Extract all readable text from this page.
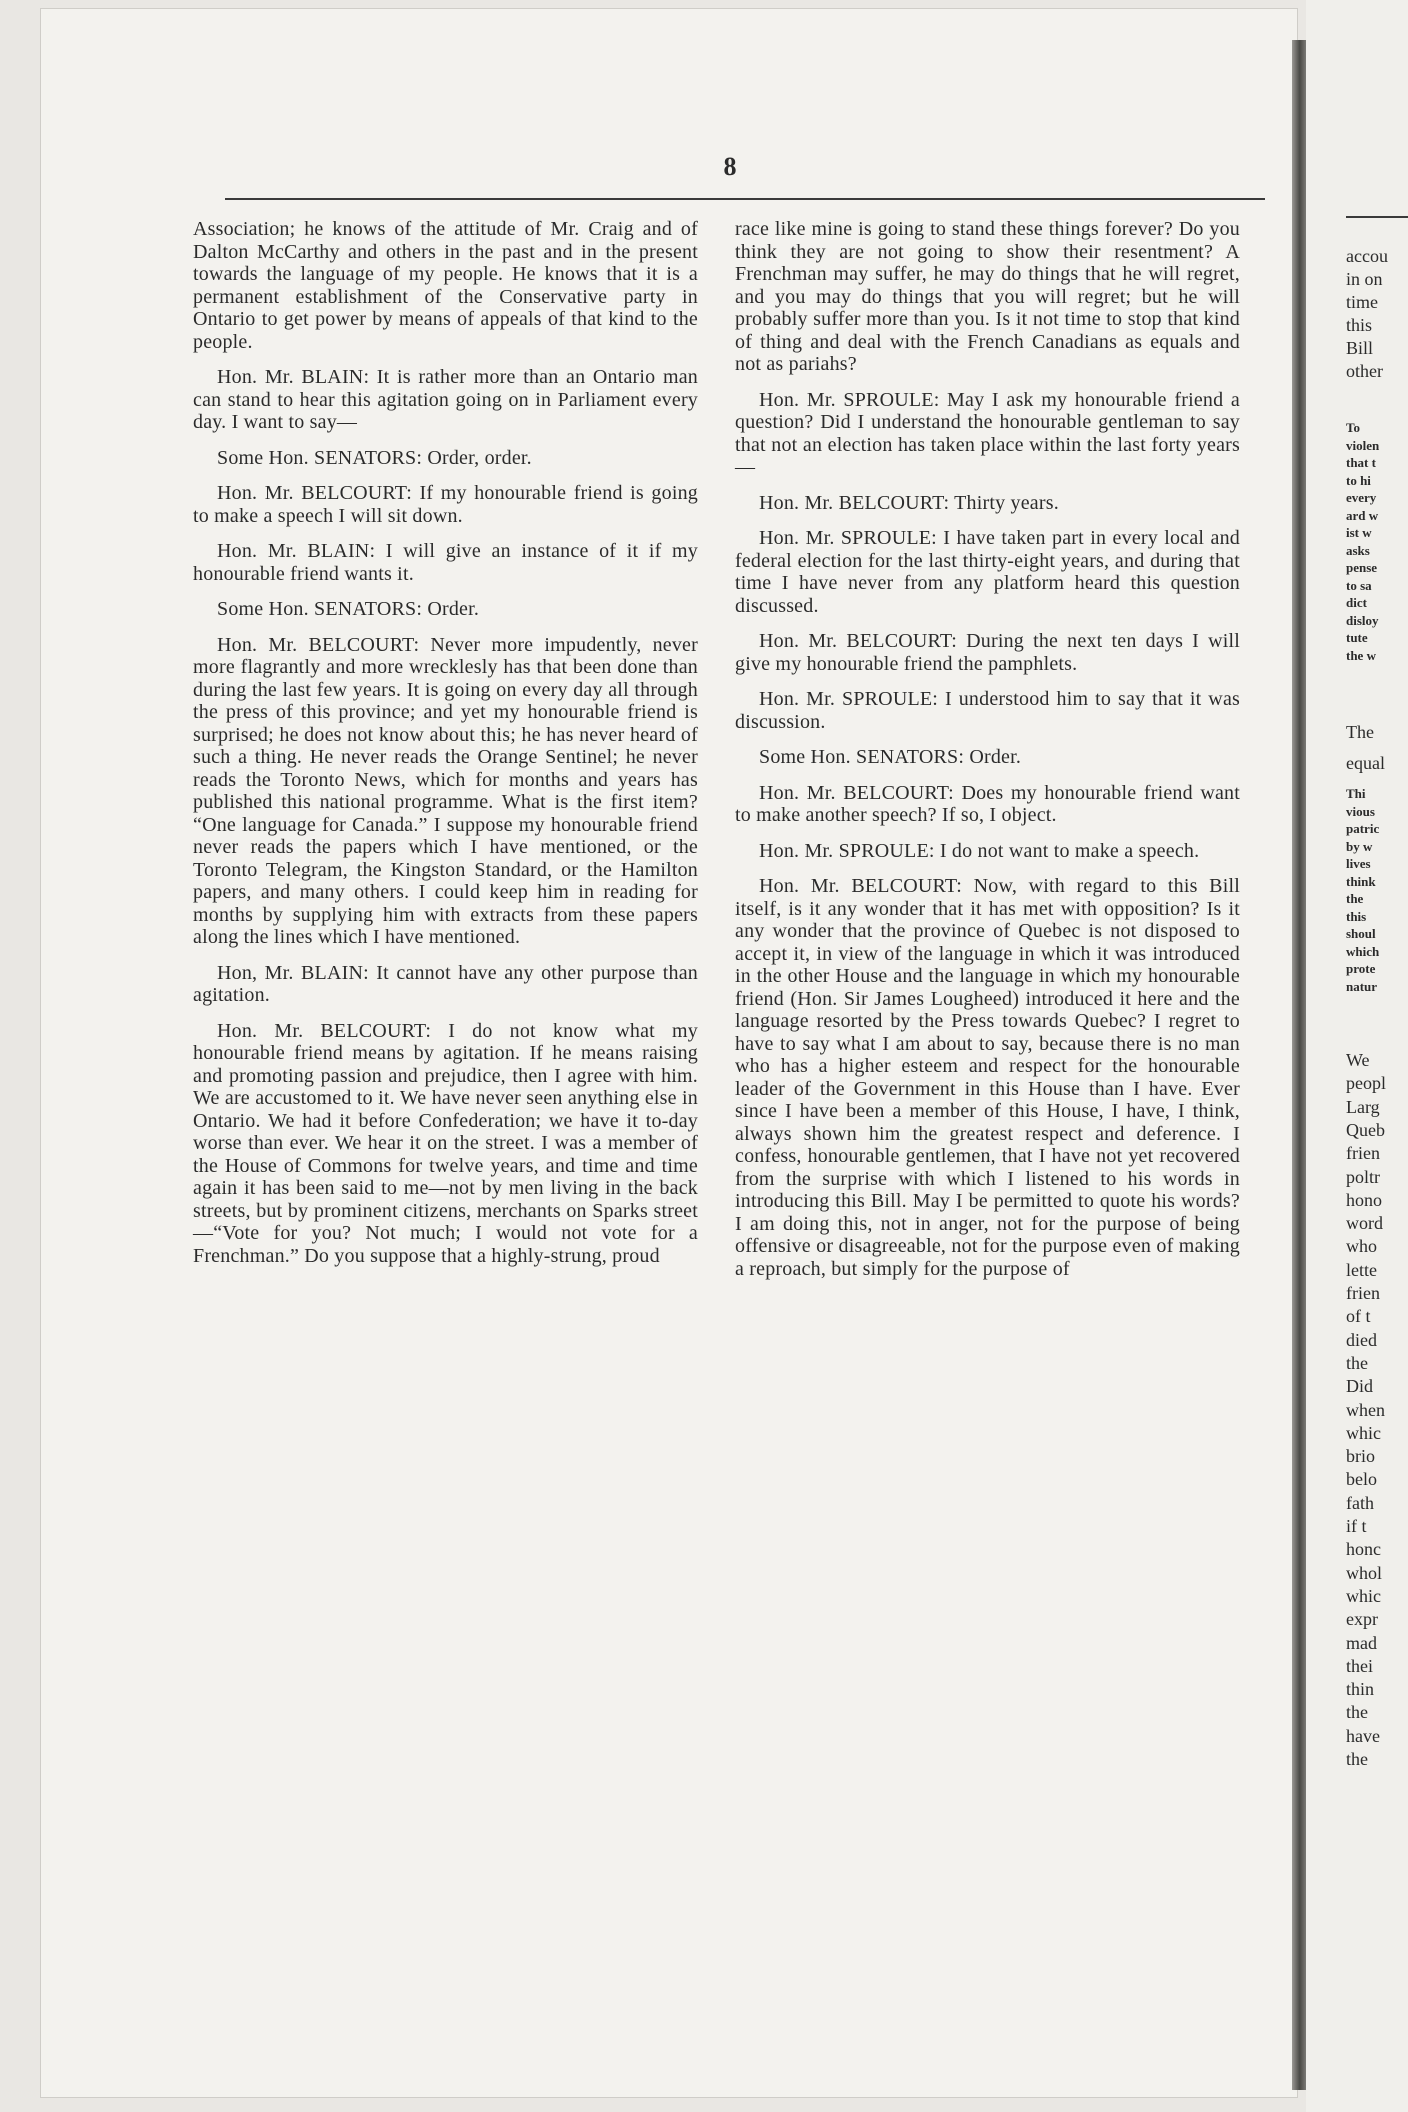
8

Association; he knows of the attitude of Mr. Craig and of Dalton McCarthy and others in the past and in the present towards the language of my people. He knows that it is a permanent establishment of the Conservative party in Ontario to get power by means of appeals of that kind to the people.

Hon. Mr. BLAIN: It is rather more than an Ontario man can stand to hear this agitation going on in Parliament every day. I want to say—

Some Hon. SENATORS: Order, order.

Hon. Mr. BELCOURT: If my honourable friend is going to make a speech I will sit down.

Hon. Mr. BLAIN: I will give an instance of it if my honourable friend wants it.

Some Hon. SENATORS: Order.

Hon. Mr. BELCOURT: Never more impudently, never more flagrantly and more wrecklesly has that been done than during the last few years. It is going on every day all through the press of this province; and yet my honourable friend is surprised; he does not know about this; he has never heard of such a thing. He never reads the Orange Sentinel; he never reads the Toronto News, which for months and years has published this national programme. What is the first item? “One language for Canada.” I suppose my honourable friend never reads the papers which I have mentioned, or the Toronto Telegram, the Kingston Standard, or the Hamilton papers, and many others. I could keep him in reading for months by supplying him with extracts from these papers along the lines which I have mentioned.

Hon, Mr. BLAIN: It cannot have any other purpose than agitation.

Hon. Mr. BELCOURT: I do not know what my honourable friend means by agitation. If he means raising and promoting passion and prejudice, then I agree with him. We are accustomed to it. We have never seen anything else in Ontario. We had it before Confederation; we have it to-day worse than ever. We hear it on the street. I was a member of the House of Commons for twelve years, and time and time again it has been said to me—not by men living in the back streets, but by prominent citizens, merchants on Sparks street—“Vote for you? Not much; I would not vote for a Frenchman.” Do you suppose that a highly-strung, proud

race like mine is going to stand these things forever? Do you think they are not going to show their resentment? A Frenchman may suffer, he may do things that he will regret, and you may do things that you will regret; but he will probably suffer more than you. Is it not time to stop that kind of thing and deal with the French Canadians as equals and not as pariahs?

Hon. Mr. SPROULE: May I ask my honourable friend a question? Did I understand the honourable gentleman to say that not an election has taken place within the last forty years—

Hon. Mr. BELCOURT: Thirty years.

Hon. Mr. SPROULE: I have taken part in every local and federal election for the last thirty-eight years, and during that time I have never from any platform heard this question discussed.

Hon. Mr. BELCOURT: During the next ten days I will give my honourable friend the pamphlets.

Hon. Mr. SPROULE: I understood him to say that it was discussion.

Some Hon. SENATORS: Order.

Hon. Mr. BELCOURT: Does my honourable friend want to make another speech? If so, I object.

Hon. Mr. SPROULE: I do not want to make a speech.

Hon. Mr. BELCOURT: Now, with regard to this Bill itself, is it any wonder that it has met with opposition? Is it any wonder that the province of Quebec is not disposed to accept it, in view of the language in which it was introduced in the other House and the language in which my honourable friend (Hon. Sir James Lougheed) introduced it here and the language resorted by the Press towards Quebec? I regret to have to say what I am about to say, because there is no man who has a higher esteem and respect for the honourable leader of the Government in this House than I have. Ever since I have been a member of this House, I have, I think, always shown him the greatest respect and deference. I confess, honourable gentlemen, that I have not yet recovered from the surprise with which I listened to his words in introducing this Bill. May I be permitted to quote his words? I am doing this, not in anger, not for the purpose of being offensive or disagreeable, not for the purpose even of making a reproach, but simply for the purpose of

accou
in on
time
this
Bill
other
To
violen
that t
to hi
every
ard w
ist w
asks
pense
to sa
dict
disloy
tute
the w
The
equal
Thi
vious
patric
by w
lives
think
the
this
shoul
which
prote
natur
We
peopl
Larg
Queb
frien
poltr
hono
word
who
lette
frien
of t
died
the
Did
when
whic
brio
belo
fath
if t
honc
whol
whic
expr
mad
thei
thin
the
have
the
